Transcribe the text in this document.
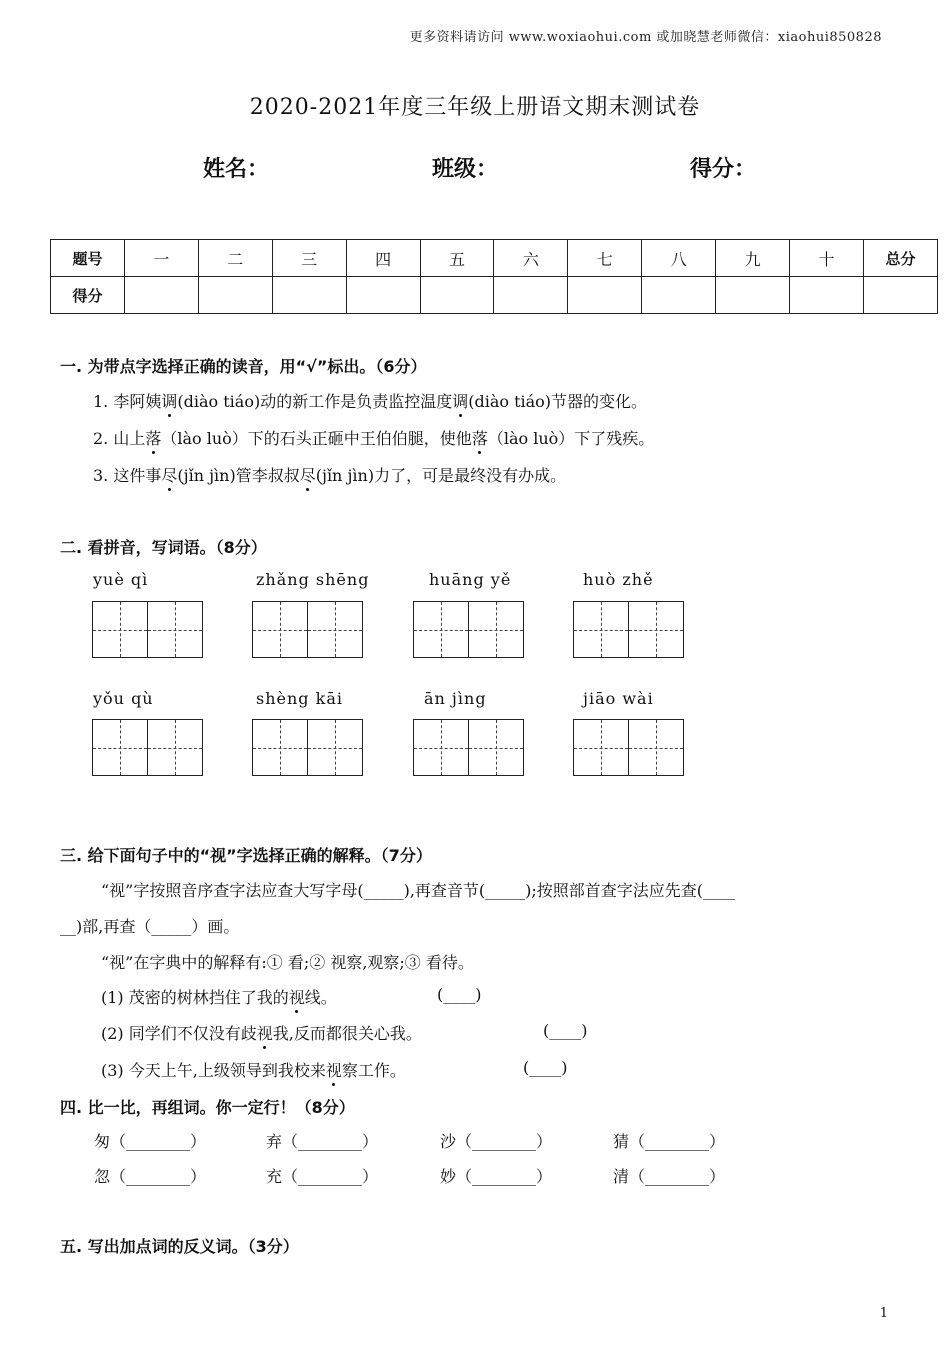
更多资料请访问 www.woxiaohui.com 或加晓慧老师微信：xiaohui850828
2020-2021年度三年级上册语文期末测试卷
姓名：	班级：	得分：
题号	一	二	三	四	五	六	七	八	九	十	总分
得分											
一. 为带点字选择正确的读音，用“√”标出。（6分）
1. 李阿姨调(diào tiáo)动的新工作是负责监控温度调(diào tiáo)节器的变化。
2. 山上落（lào luò）下的石头正砸中王伯伯腿，使他落（lào luò）下了残疾。
3. 这件事尽(jǐn jìn)管李叔叔尽(jǐn jìn)力了，可是最终没有办成。
二. 看拼音，写词语。（8分）
yuè qì	zhǎng shēng	huāng yě	huò zhě
yǒu qù	shèng kāi	ān jìng	jiāo wài
三. 给下面句子中的“视”字选择正确的解释。（7分）
“视”字按照音序查字法应查大写字母(_____),再查音节(_____);按照部首查字法应先查(____
__)部,再查（_____）画。
“视”在字典中的解释有:① 看;② 视察,观察;③ 看待。
(1) 茂密的树林挡住了我的视线。	(____)
(2) 同学们不仅没有歧视我,反而都很关心我。	(____)
(3) 今天上午,上级领导到我校来视察工作。	(____)
四. 比一比，再组词。你一定行！（8分）
匆（________）	弃（________）	沙（________）	猜（________）
忽（________）	充（________）	妙（________）	清（________）
五. 写出加点词的反义词。（3分）
1
